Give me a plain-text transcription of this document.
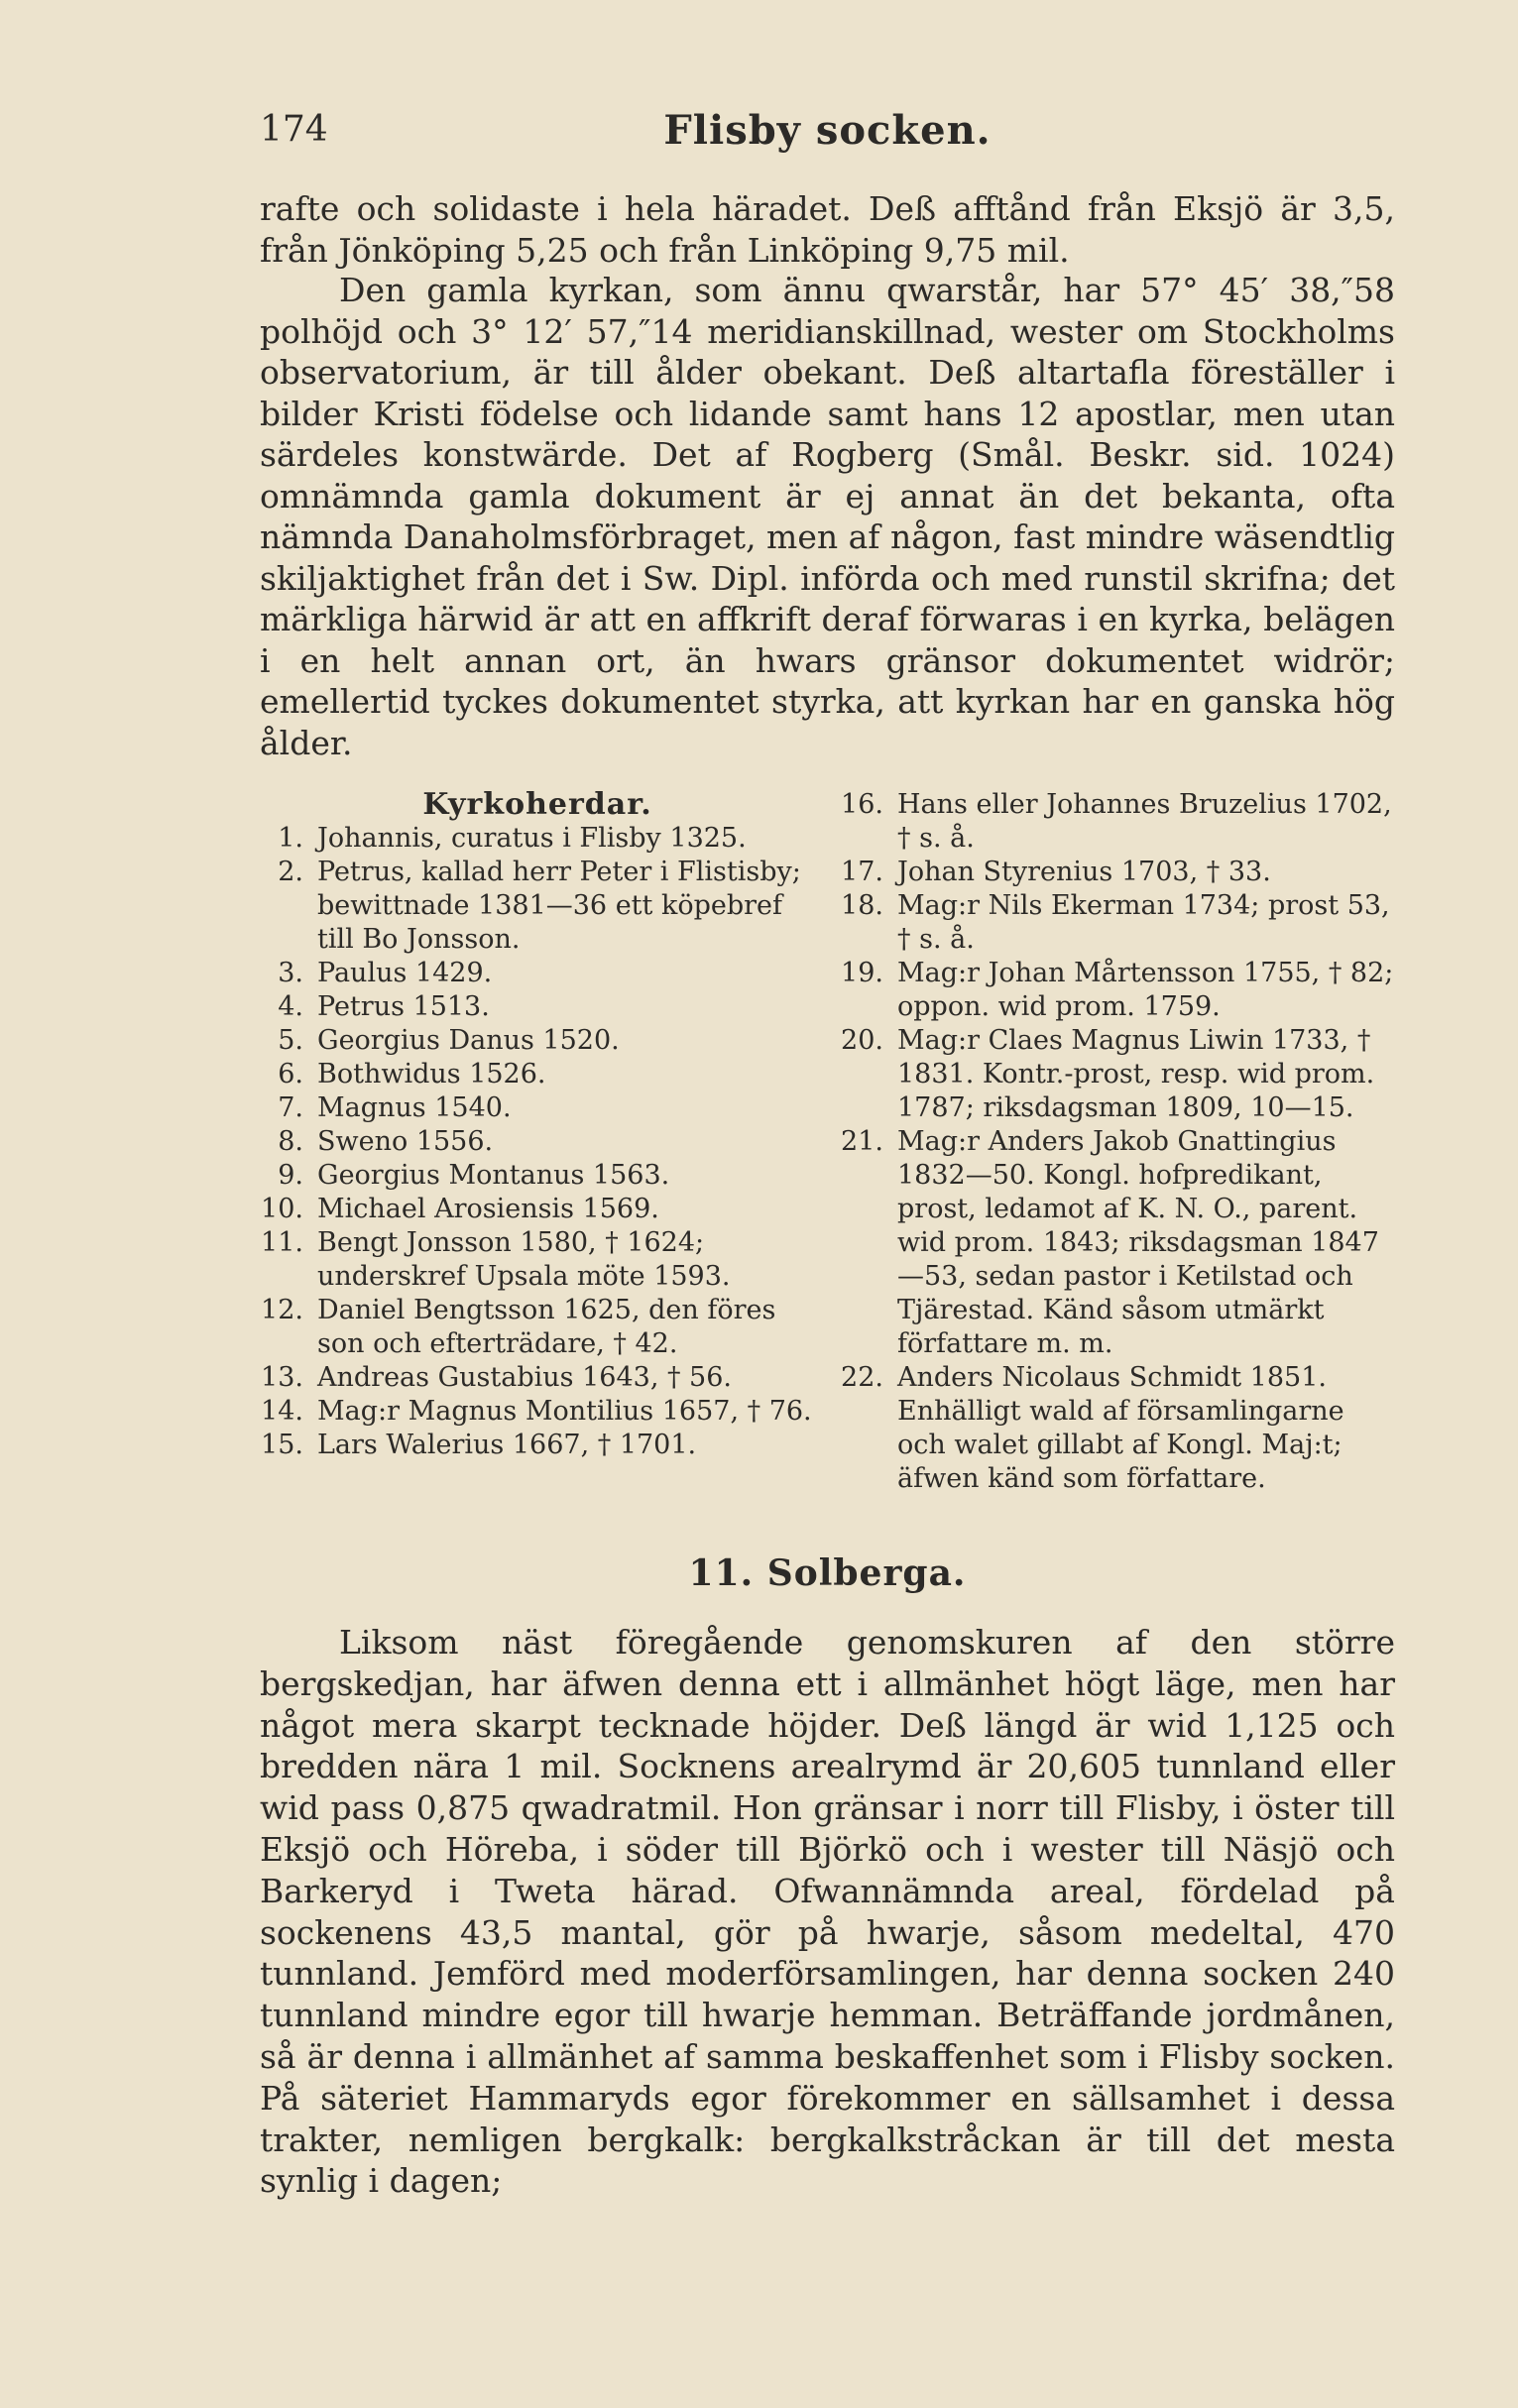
174	Flisby socken.

rafte och solidaste i hela häradet. Deß afftånd från Eksjö är 3,5, från Jönköping 5,25 och från Linköping 9,75 mil.

Den gamla kyrkan, som ännu qwarstår, har 57° 45′ 38,″58 polhöjd och 3° 12′ 57,″14 meridianskillnad, wester om Stockholms observatorium, är till ålder obekant. Deß altartafla föreställer i bilder Kristi födelse och lidande samt hans 12 apostlar, men utan särdeles konstwärde. Det af Rogberg (Smål. Beskr. sid. 1024) omnämnda gamla dokument är ej annat än det bekanta, ofta nämnda Danaholmsförbraget, men af någon, fast mindre wäsendtlig skiljaktighet från det i Sw. Dipl. införda och med runstil skrifna; det märkliga härwid är att en affkrift deraf förwaras i en kyrka, belägen i en helt annan ort, än hwars gränsor dokumentet widrör; emellertid tyckes dokumentet styrka, att kyrkan har en ganska hög ålder.

Kyrkoherdar.
1. Johannis, curatus i Flisby 1325.
2. Petrus, kallad herr Peter i Flistisby; bewittnade 1381—36 ett köpebref till Bo Jonsson.
3. Paulus 1429.
4. Petrus 1513.
5. Georgius Danus 1520.
6. Bothwidus 1526.
7. Magnus 1540.
8. Sweno 1556.
9. Georgius Montanus 1563.
10. Michael Arosiensis 1569.
11. Bengt Jonsson 1580, † 1624; underskref Upsala möte 1593.
12. Daniel Bengtsson 1625, den föres son och efterträdare, † 42.
13. Andreas Gustabius 1643, † 56.
14. Mag:r Magnus Montilius 1657, † 76.
15. Lars Walerius 1667, † 1701.
16. Hans eller Johannes Bruzelius 1702, † s. å.
17. Johan Styrenius 1703, † 33.
18. Mag:r Nils Ekerman 1734; prost 53, † s. å.
19. Mag:r Johan Mårtensson 1755, † 82; oppon. wid prom. 1759.
20. Mag:r Claes Magnus Liwin 1733, † 1831. Kontr.-prost, resp. wid prom. 1787; riksdagsman 1809, 10—15.
21. Mag:r Anders Jakob Gnattingius 1832—50. Kongl. hofpredikant, prost, ledamot af K. N. O., parent. wid prom. 1843; riksdagsman 1847—53, sedan pastor i Ketilstad och Tjärestad. Känd såsom utmärkt författare m. m.
22. Anders Nicolaus Schmidt 1851. Enhälligt wald af församlingarne och walet gillabt af Kongl. Maj:t; äfwen känd som författare.
11. Solberga.

Liksom näst föregående genomskuren af den större bergskedjan, har äfwen denna ett i allmänhet högt läge, men har något mera skarpt tecknade höjder. Deß längd är wid 1,125 och bredden nära 1 mil. Socknens arealrymd är 20,605 tunnland eller wid pass 0,875 qwadratmil. Hon gränsar i norr till Flisby, i öster till Eksjö och Höreba, i söder till Björkö och i wester till Näsjö och Barkeryd i Tweta härad. Ofwannämnda areal, fördelad på sockenens 43,5 mantal, gör på hwarje, såsom medeltal, 470 tunnland. Jemförd med moderförsamlingen, har denna socken 240 tunnland mindre egor till hwarje hemman. Beträffande jordmånen, så är denna i allmänhet af samma beskaffenhet som i Flisby socken. På säteriet Hammaryds egor förekommer en sällsamhet i dessa trakter, nemligen bergkalk: bergkalkstråckan är till det mesta synlig i dagen;
